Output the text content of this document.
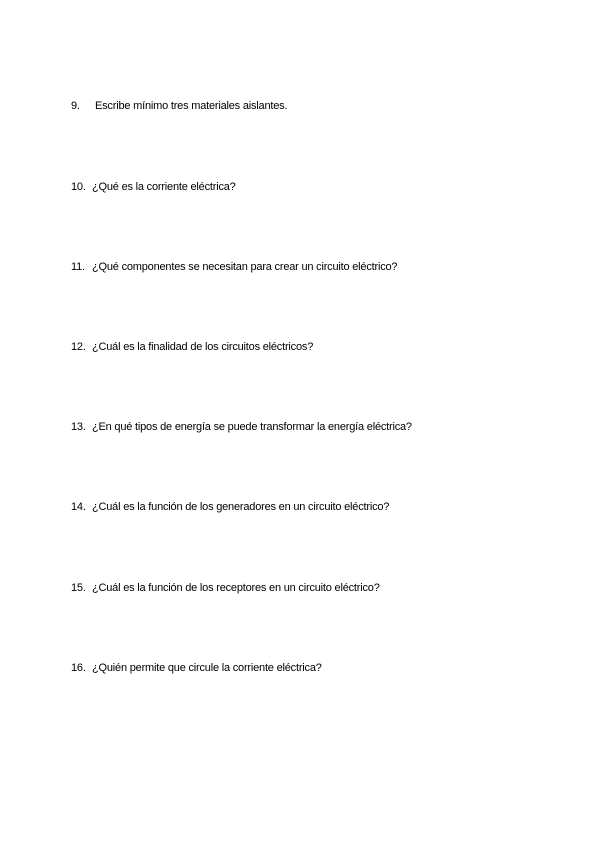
9. Escribe mínimo tres materiales aislantes.
10. ¿Qué es la corriente eléctrica?
11. ¿Qué componentes se necesitan para crear un circuito eléctrico?
12. ¿Cuál es la finalidad de los circuitos eléctricos?
13. ¿En qué tipos de energía se puede transformar la energía eléctrica?
14. ¿Cuál es la función de los generadores en un circuito eléctrico?
15. ¿Cuál es la función de los receptores en un circuito eléctrico?
16. ¿Quién permite que circule la corriente eléctrica?
